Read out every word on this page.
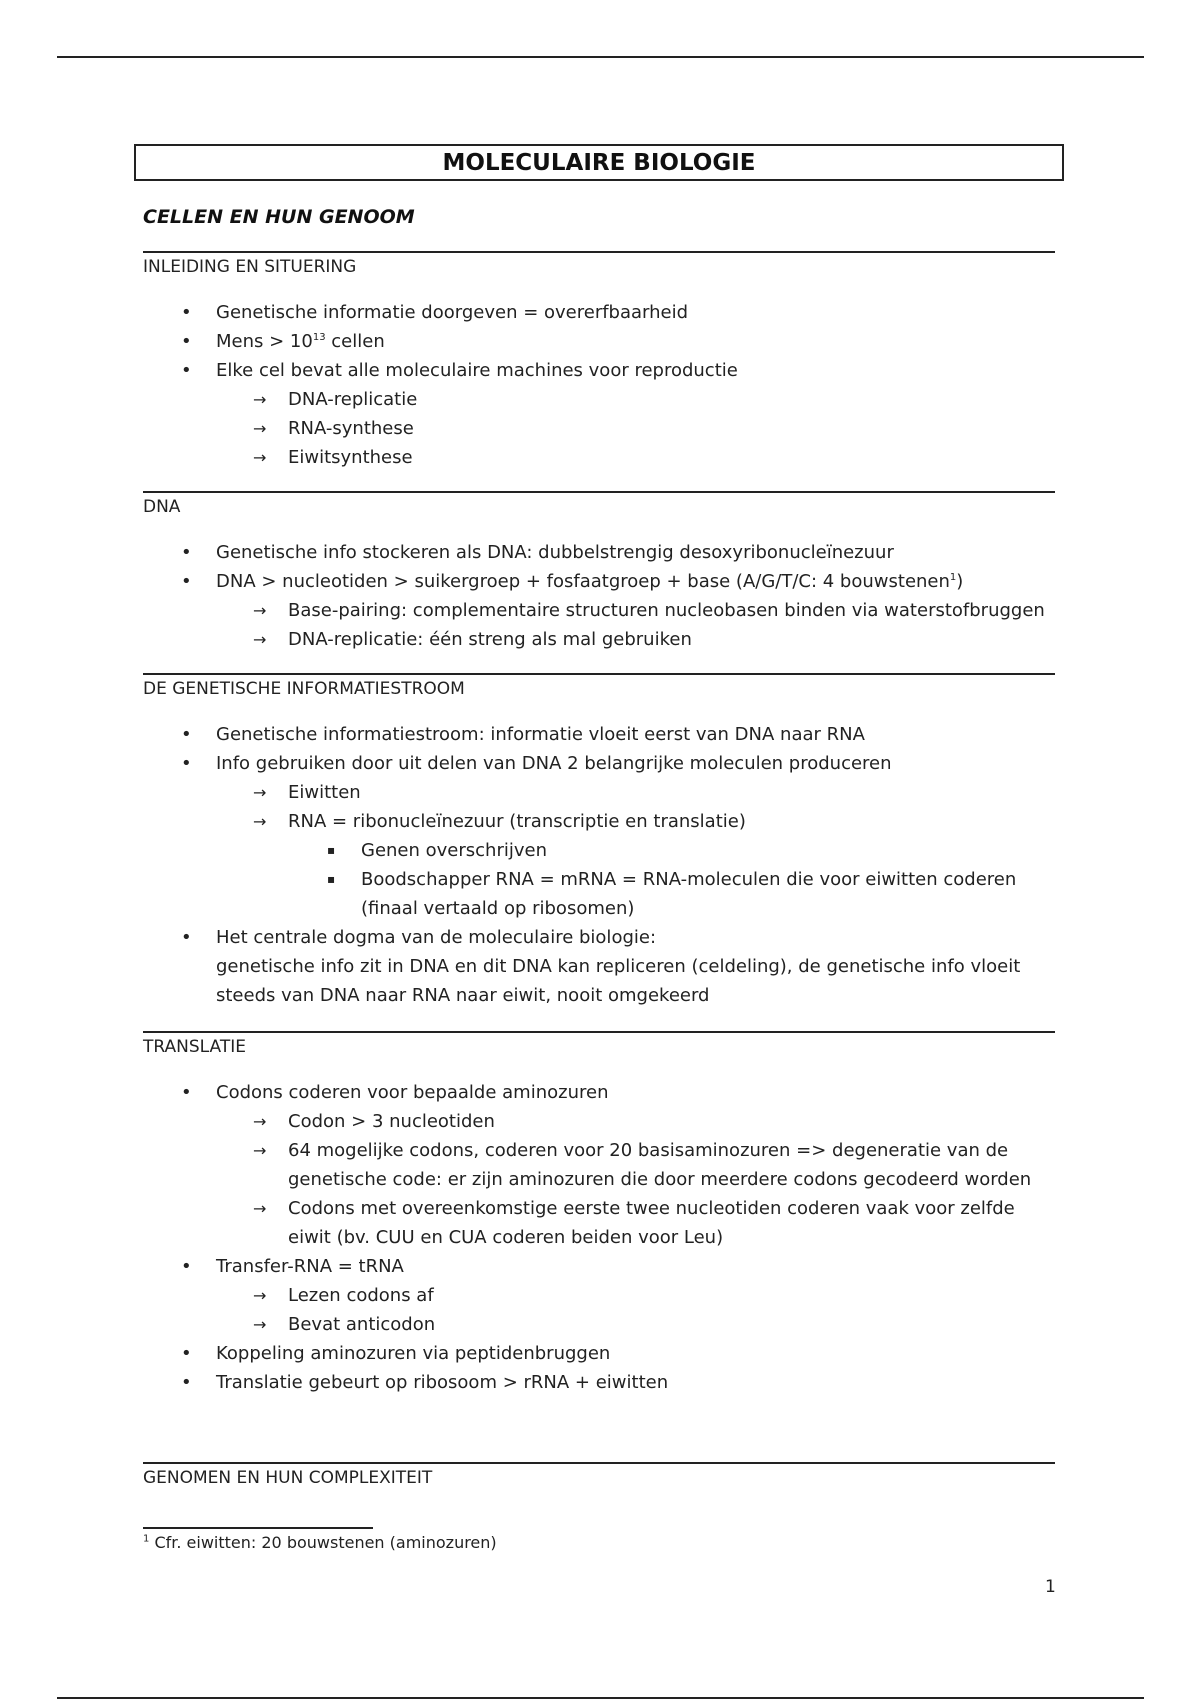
MOLECULAIRE BIOLOGIE
CELLEN EN HUN GENOOM
INLEIDING EN SITUERING
• Genetische informatie doorgeven = overerfbaarheid
• Mens > 10$^{13}$ cellen
• Elke cel bevat alle moleculaire machines voor reproductie
→ DNA-replicatie
→ RNA-synthese
→ Eiwitsynthese
DNA
• Genetische info stockeren als DNA: dubbelstrengig desoxyribonucleïnezuur
• DNA > nucleotiden > suikergroep + fosfaatgroep + base (A/G/T/C: 4 bouwstenen$^1$)
→ Base-pairing: complementaire structuren nucleobasen binden via waterstofbruggen
→ DNA-replicatie: één streng als mal gebruiken
DE GENETISCHE INFORMATIESTROOM
• Genetische informatiestroom: informatie vloeit eerst van DNA naar RNA
• Info gebruiken door uit delen van DNA 2 belangrijke moleculen produceren
→ Eiwitten
→ RNA = ribonucleïnezuur (transcriptie en translatie)
▪ Genen overschrijven
▪ Boodschapper RNA = mRNA = RNA-moleculen die voor eiwitten coderen (finaal vertaald op ribosomen)
• Het centrale dogma van de moleculaire biologie:
genetische info zit in DNA en dit DNA kan repliceren (celdeling), de genetische info vloeit steeds van DNA naar RNA naar eiwit, nooit omgekeerd
TRANSLATIE
• Codons coderen voor bepaalde aminozuren
→ Codon > 3 nucleotiden
→ 64 mogelijke codons, coderen voor 20 basisaminozuren => degeneratie van de genetische code: er zijn aminozuren die door meerdere codons gecodeerd worden
→ Codons met overeenkomstige eerste twee nucleotiden coderen vaak voor zelfde eiwit (bv. CUU en CUA coderen beiden voor Leu)
• Transfer-RNA = tRNA
→ Lezen codons af
→ Bevat anticodon
• Koppeling aminozuren via peptidenbruggen
• Translatie gebeurt op ribosoom > rRNA + eiwitten
GENOMEN EN HUN COMPLEXITEIT
$^1$ Cfr. eiwitten: 20 bouwstenen (aminozuren)
1
